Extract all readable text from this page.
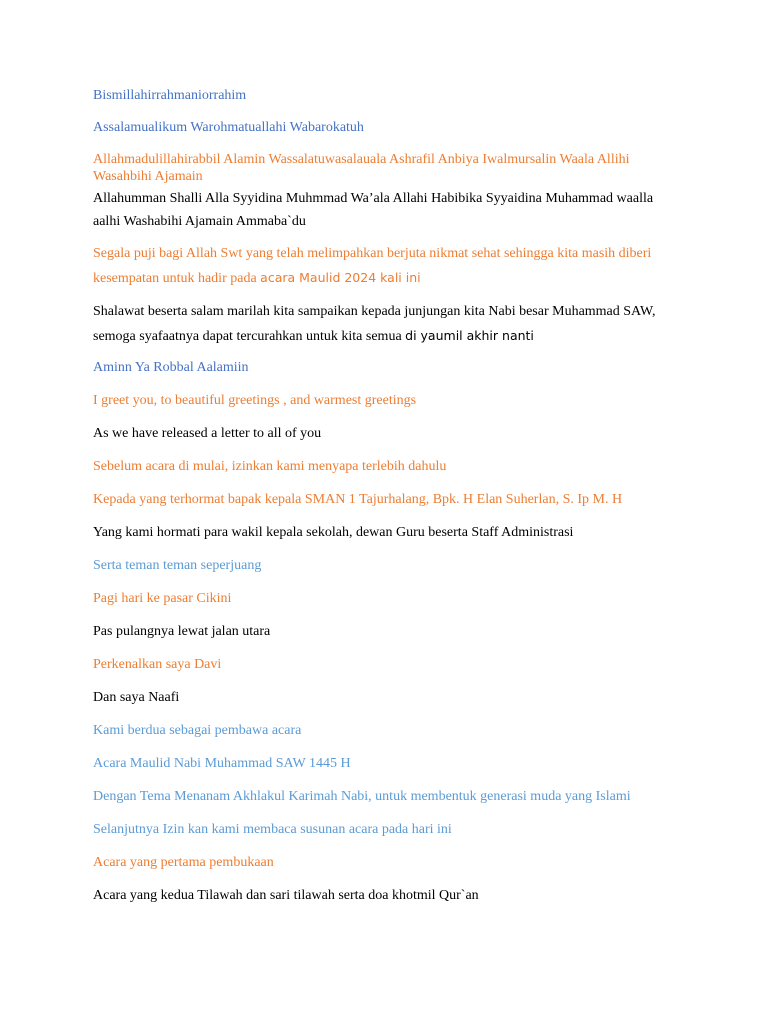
Bismillahirrahmaniorrahim

Assalamualikum Warohmatuallahi Wabarokatuh

Allahmadulillahirabbil Alamin Wassalatuwasalauala Ashrafil Anbiya Iwalmursalin Waala Allihi Wasahbihi Ajamain

Allahumman Shalli Alla Syyidina Muhmmad Wa’ala Allahi Habibika Syyaidina Muhammad waalla aalhi Washabihi Ajamain Ammaba`du

Segala puji bagi Allah Swt yang telah melimpahkan berjuta nikmat sehat sehingga kita masih diberi kesempatan untuk hadir pada acara Maulid 2024 kali ini

Shalawat beserta salam marilah kita sampaikan kepada junjungan kita Nabi besar Muhammad SAW, semoga syafaatnya dapat tercurahkan untuk kita semua di yaumil akhir nanti

Aminn Ya Robbal Aalamiin

I greet you, to beautiful greetings , and warmest greetings

As we have released a letter to all of you

Sebelum acara di mulai, izinkan kami menyapa terlebih dahulu

Kepada yang terhormat bapak kepala SMAN 1 Tajurhalang, Bpk. H Elan Suherlan, S. Ip M. H

Yang kami hormati para wakil kepala sekolah, dewan Guru beserta Staff Administrasi

Serta teman teman seperjuang

Pagi hari ke pasar Cikini

Pas pulangnya lewat jalan utara

Perkenalkan saya Davi

Dan saya Naafi

Kami berdua sebagai pembawa acara

Acara Maulid Nabi Muhammad SAW 1445 H

Dengan Tema Menanam Akhlakul Karimah Nabi, untuk membentuk generasi muda yang Islami

Selanjutnya Izin kan kami membaca susunan acara pada hari ini

Acara yang pertama pembukaan

Acara yang kedua Tilawah dan sari tilawah serta doa khotmil Qur`an
